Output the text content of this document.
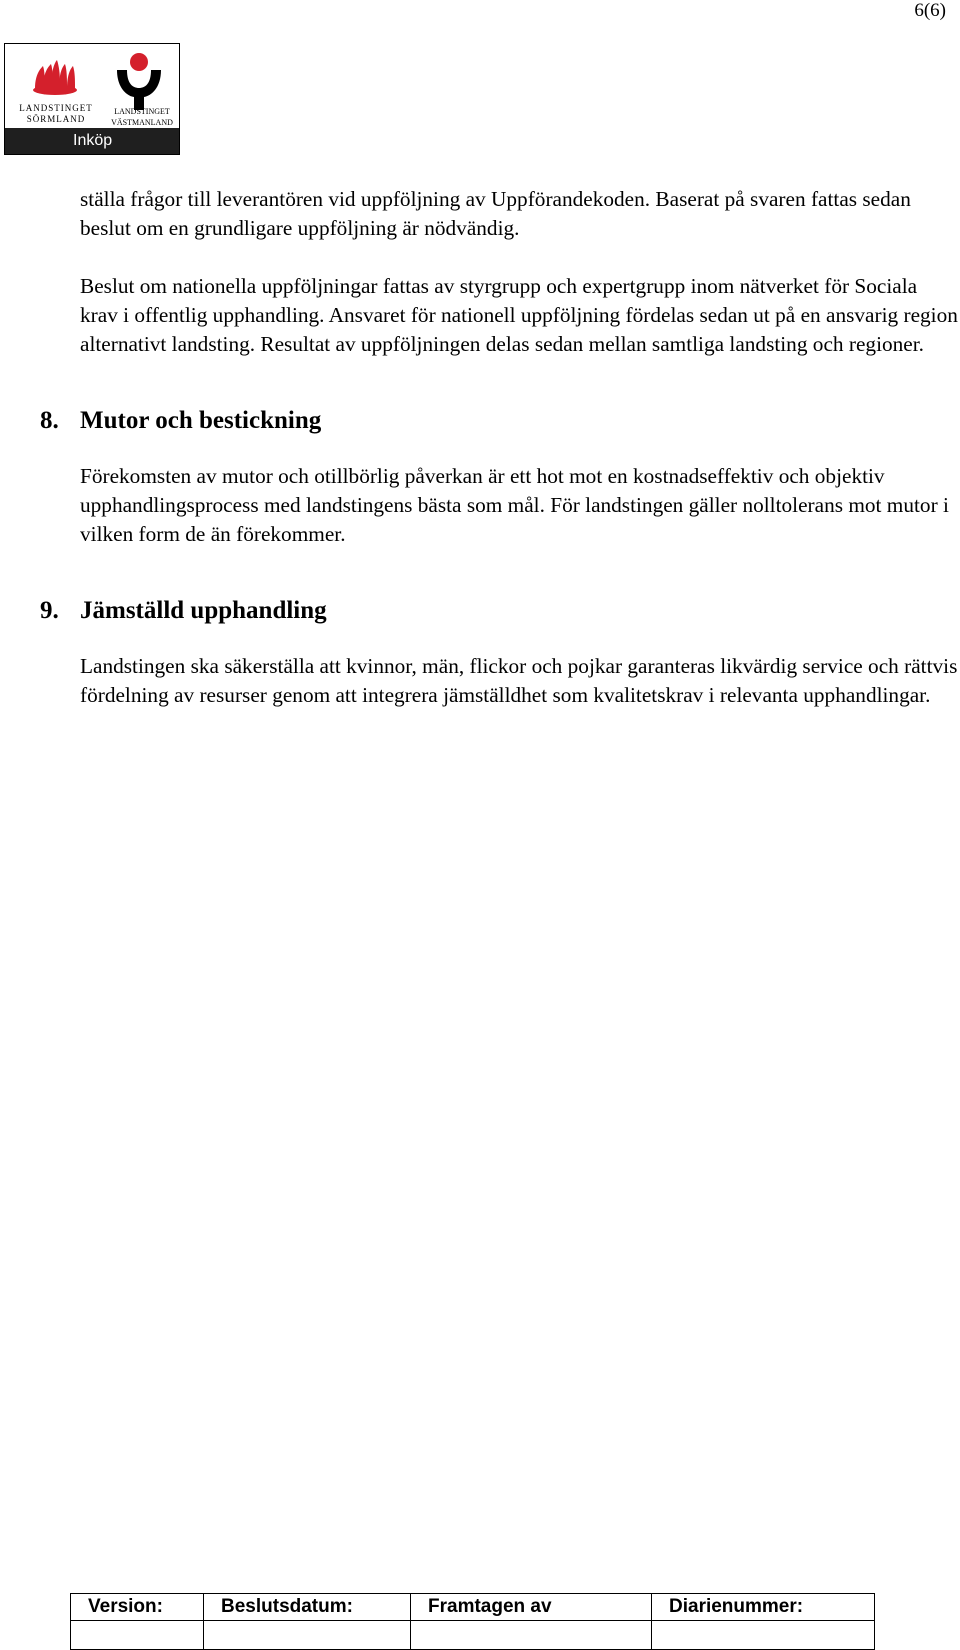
6(6)
LANDSTINGET SÖRMLAND
LANDSTINGET VÄSTMANLAND
Inköp

ställa frågor till leverantören vid uppföljning av Uppförandekoden. Baserat på svaren fattas sedan beslut om en grundligare uppföljning är nödvändig.

Beslut om nationella uppföljningar fattas av styrgrupp och expertgrupp inom nätverket för Sociala krav i offentlig upphandling. Ansvaret för nationell uppföljning fördelas sedan ut på en ansvarig region alternativt landsting. Resultat av uppföljningen delas sedan mellan samtliga landsting och regioner.

8. Mutor och bestickning

Förekomsten av mutor och otillbörlig påverkan är ett hot mot en kostnadseffektiv och objektiv upphandlingsprocess med landstingens bästa som mål. För landstingen gäller nolltolerans mot mutor i vilken form de än förekommer.

9. Jämställd upphandling

Landstingen ska säkerställa att kvinnor, män, flickor och pojkar garanteras likvärdig service och rättvis fördelning av resurser genom att integrera jämställdhet som kvalitetskrav i relevanta upphandlingar.

Version:	Beslutsdatum:	Framtagen av	Diarienummer:
